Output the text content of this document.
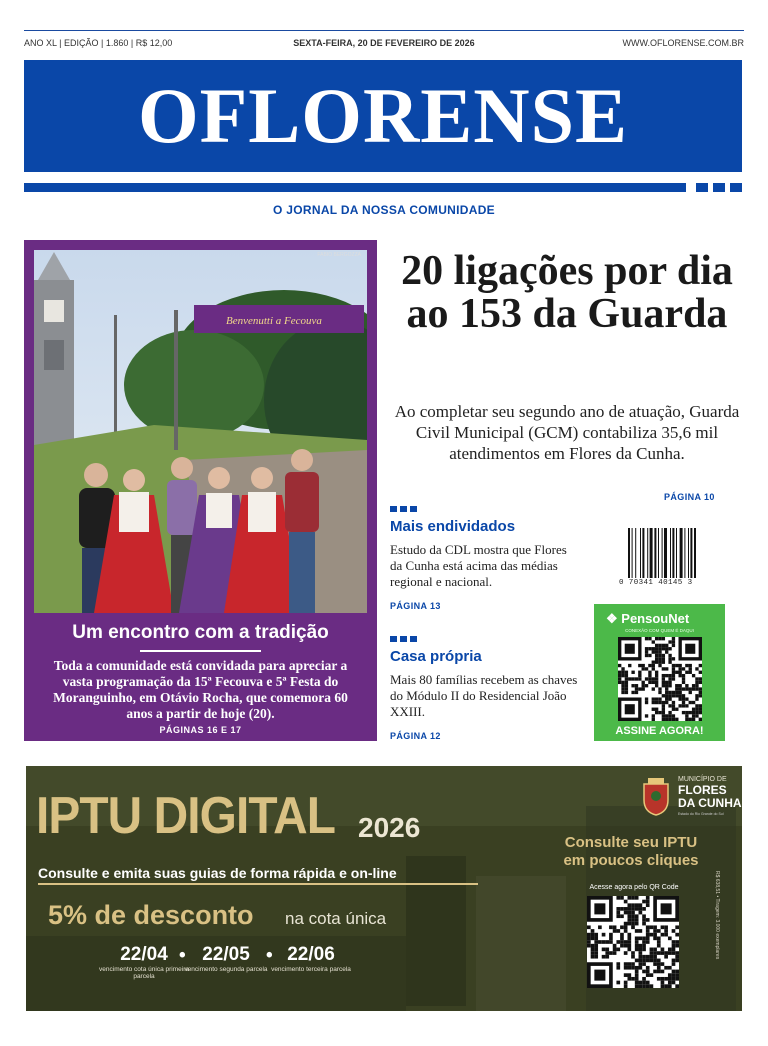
ANO XL | EDIÇÃO | 1.860 | R$ 12,00	SEXTA-FEIRA, 20 DE FEVEREIRO DE 2026	WWW.OFLORENSE.COM.BR
OFLORENSE
O JORNAL DA NOSSA COMUNIDADE
Benvenutti a Fecouva
FABIO BERGOZZA
Um encontro com a tradição
Toda a comunidade está convidada para apreciar a vasta programação da 15ª Fecouva e 5ª Festa do Moranguinho, em Otávio Rocha, que comemora 60 anos a partir de hoje (20).
PÁGINAS 16 E 17
20 ligações por dia ao 153 da Guarda
Ao completar seu segundo ano de atuação, Guarda Civil Municipal (GCM) contabiliza 35,6 mil atendimentos em Flores da Cunha.
PÁGINA 10
Mais endividados
Estudo da CDL mostra que Flores da Cunha está acima das médias regional e nacional.
PÁGINA 13
Casa própria
Mais 80 famílias recebem as chaves do Módulo II do Residencial João XXIII.
PÁGINA 12
0 70341 40145 3
❖ PensouNet
CONEXÃO COM QUEM É DAQUI
ASSINE AGORA!
IPTU DIGITAL 2026
Consulte e emita suas guias de forma rápida e on-line
5% de desconto na cota única
22/04
vencimento cota única primeira parcela
• 22/05
vencimento segunda parcela
• 22/06
vencimento terceira parcela
MUNICÍPIO DE
FLORES DA CUNHA
Estado do Rio Grande do Sul
Consulte seu IPTU em poucos cliques
Acesse agora pelo QR Code	R$ 638,51 • Tiragem: 3.000 exemplares
